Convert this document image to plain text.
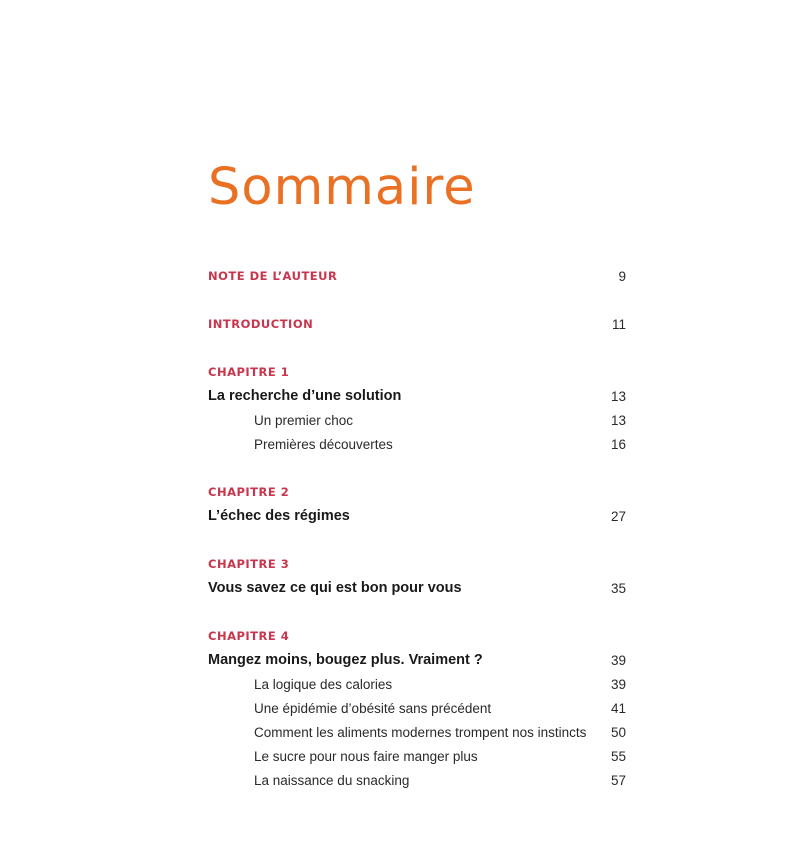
Sommaire
NOTE DE L’AUTEUR	9
INTRODUCTION	11
CHAPITRE 1
La recherche d’une solution	13
Un premier choc	13
Premières découvertes	16
CHAPITRE 2
L’échec des régimes	27
CHAPITRE 3
Vous savez ce qui est bon pour vous	35
CHAPITRE 4
Mangez moins, bougez plus. Vraiment ?	39
La logique des calories	39
Une épidémie d’obésité sans précédent	41
Comment les aliments modernes trompent nos instincts	50
Le sucre pour nous faire manger plus	55
La naissance du snacking	57
